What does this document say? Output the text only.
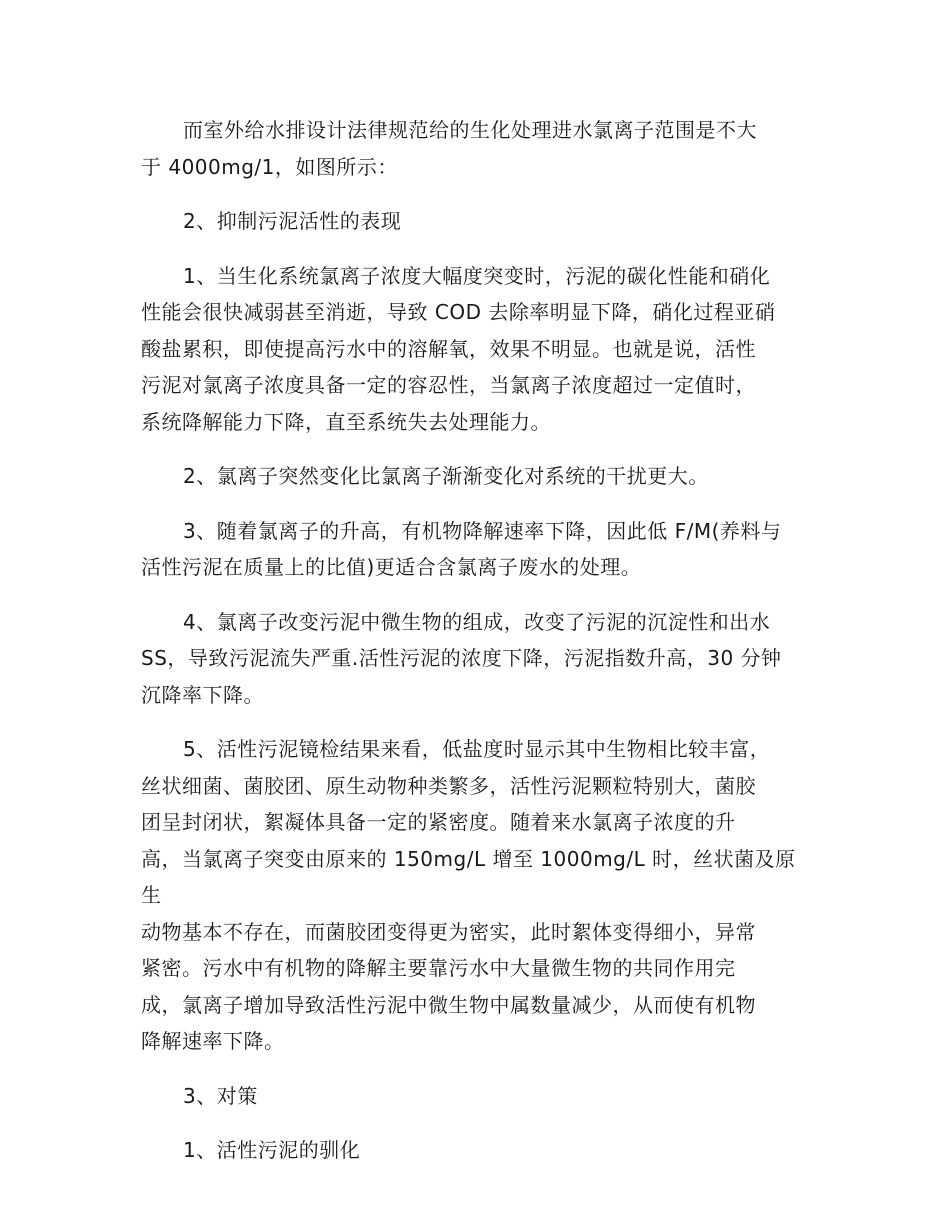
而室外给水排设计法律规范给的生化处理进水氯离子范围是不大
于 4000mg/1，如图所示：

2、抑制污泥活性的表现

1、当生化系统氯离子浓度大幅度突变时，污泥的碳化性能和硝化
性能会很快减弱甚至消逝，导致 COD 去除率明显下降，硝化过程亚硝
酸盐累积，即使提高污水中的溶解氧，效果不明显。也就是说，活性
污泥对氯离子浓度具备一定的容忍性，当氯离子浓度超过一定值时，
系统降解能力下降，直至系统失去处理能力。

2、氯离子突然变化比氯离子渐渐变化对系统的干扰更大。

3、随着氯离子的升高，有机物降解速率下降，因此低 F/M(养料与
活性污泥在质量上的比值)更适合含氯离子废水的处理。

4、氯离子改变污泥中微生物的组成，改变了污泥的沉淀性和出水
SS，导致污泥流失严重.活性污泥的浓度下降，污泥指数升高，30 分钟
沉降率下降。

5、活性污泥镜检结果来看，低盐度时显示其中生物相比较丰富，
丝状细菌、菌胶团、原生动物种类繁多，活性污泥颗粒特别大，菌胶
团呈封闭状，絮凝体具备一定的紧密度。随着来水氯离子浓度的升
高，当氯离子突变由原来的 150mg/L 增至 1000mg/L 时，丝状菌及原生
动物基本不存在，而菌胶团变得更为密实，此时絮体变得细小，异常
紧密。污水中有机物的降解主要靠污水中大量微生物的共同作用完
成，氯离子增加导致活性污泥中微生物中属数量减少，从而使有机物
降解速率下降。

3、对策

1、活性污泥的驯化
